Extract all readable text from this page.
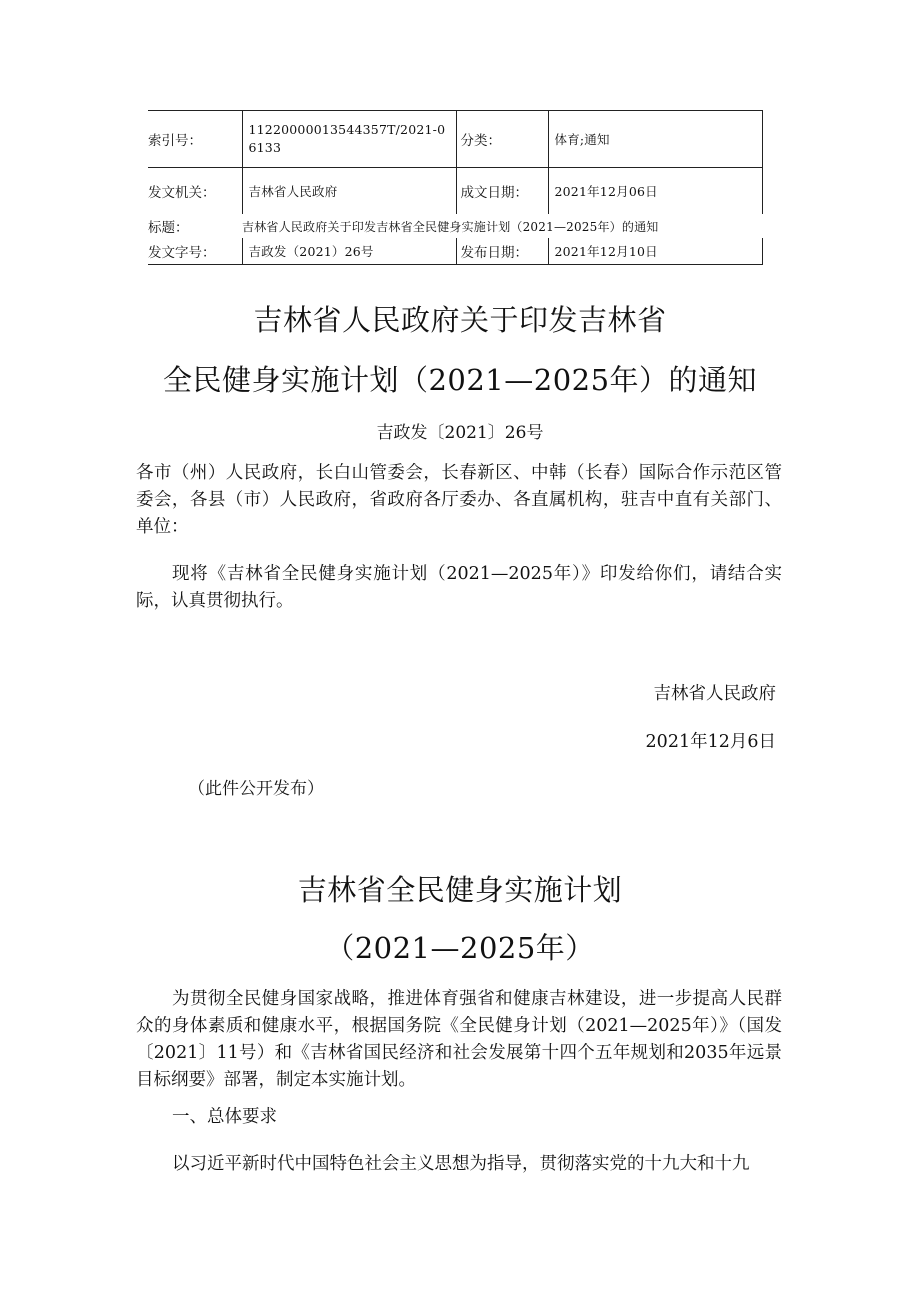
索引号：	11220000013544357T/2021-06133	分类：	体育;通知
发文机关：	吉林省人民政府	成文日期：	2021年12月06日
标题：	吉林省人民政府关于印发吉林省全民健身实施计划（2021—2025年）的通知		
发文字号：	吉政发（2021）26号	发布日期：	2021年12月10日
吉林省人民政府关于印发吉林省
全民健身实施计划（2021—2025年）的通知
吉政发〔2021〕26号
各市（州）人民政府，长白山管委会，长春新区、中韩（长春）国际合作示范区管委会，各县（市）人民政府，省政府各厅委办、各直属机构，驻吉中直有关部门、单位：
现将《吉林省全民健身实施计划（2021—2025年）》印发给你们，请结合实际，认真贯彻执行。
吉林省人民政府
2021年12月6日
（此件公开发布）
吉林省全民健身实施计划
（2021—2025年）
为贯彻全民健身国家战略，推进体育强省和健康吉林建设，进一步提高人民群众的身体素质和健康水平，根据国务院《全民健身计划（2021—2025年）》（国发〔2021〕11号）和《吉林省国民经济和社会发展第十四个五年规划和2035年远景目标纲要》部署，制定本实施计划。
一、总体要求
以习近平新时代中国特色社会主义思想为指导，贯彻落实党的十九大和十九
